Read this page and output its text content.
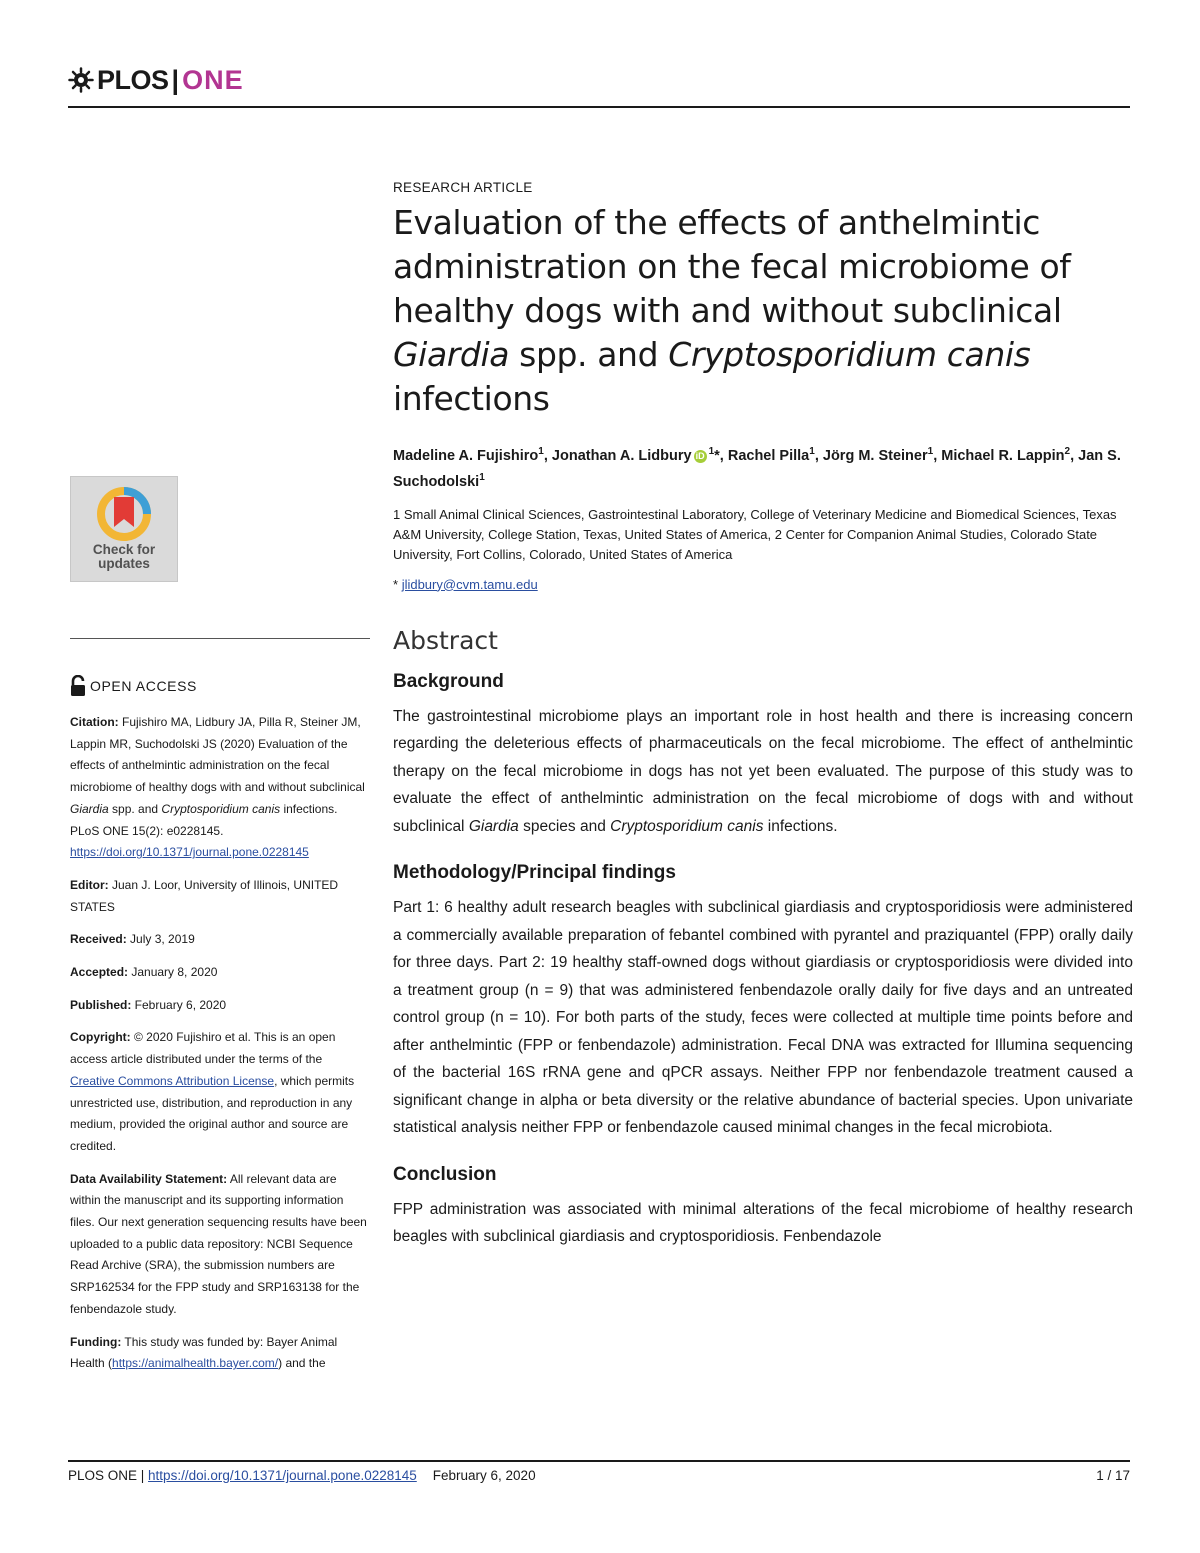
PLOS | ONE
RESEARCH ARTICLE
Evaluation of the effects of anthelmintic
administration on the fecal microbiome of
healthy dogs with and without subclinical
Giardia spp. and Cryptosporidium canis
infections
Madeline A. Fujishiro$^1$, Jonathan A. Lidbury iD $^1$*, Rachel Pilla$^1$, Jörg M. Steiner$^1$, Michael R. Lappin$^2$, Jan S. Suchodolski$^1$
1 Small Animal Clinical Sciences, Gastrointestinal Laboratory, College of Veterinary Medicine and Biomedical Sciences, Texas A&M University, College Station, Texas, United States of America, 2 Center for Companion Animal Studies, Colorado State University, Fort Collins, Colorado, United States of America
* jlidbury@cvm.tamu.edu
Abstract
Background

The gastrointestinal microbiome plays an important role in host health and there is increasing concern regarding the deleterious effects of pharmaceuticals on the fecal microbiome. The effect of anthelmintic therapy on the fecal microbiome in dogs has not yet been evaluated. The purpose of this study was to evaluate the effect of anthelmintic administration on the fecal microbiome of dogs with and without subclinical Giardia species and Cryptosporidium canis infections.

Methodology/Principal findings

Part 1: 6 healthy adult research beagles with subclinical giardiasis and cryptosporidiosis were administered a commercially available preparation of febantel combined with pyrantel and praziquantel (FPP) orally daily for three days. Part 2: 19 healthy staff-owned dogs without giardiasis or cryptosporidiosis were divided into a treatment group (n = 9) that was administered fenbendazole orally daily for five days and an untreated control group (n = 10). For both parts of the study, feces were collected at multiple time points before and after anthelmintic (FPP or fenbendazole) administration. Fecal DNA was extracted for Illumina sequencing of the bacterial 16S rRNA gene and qPCR assays. Neither FPP nor fenbendazole treatment caused a significant change in alpha or beta diversity or the relative abundance of bacterial species. Upon univariate statistical analysis neither FPP or fenbendazole caused minimal changes in the fecal microbiota.

Conclusion

FPP administration was associated with minimal alterations of the fecal microbiome of healthy research beagles with subclinical giardiasis and cryptosporidiosis. Fenbendazole

Check for
updates
OPEN ACCESS
Citation: Fujishiro MA, Lidbury JA, Pilla R, Steiner JM, Lappin MR, Suchodolski JS (2020) Evaluation of the effects of anthelmintic administration on the fecal microbiome of healthy dogs with and without subclinical Giardia spp. and Cryptosporidium canis infections. PLoS ONE 15(2): e0228145. https://doi.org/10.1371/journal.pone.0228145
Editor: Juan J. Loor, University of Illinois, UNITED STATES
Received: July 3, 2019
Accepted: January 8, 2020
Published: February 6, 2020
Copyright: © 2020 Fujishiro et al. This is an open access article distributed under the terms of the Creative Commons Attribution License, which permits unrestricted use, distribution, and reproduction in any medium, provided the original author and source are credited.
Data Availability Statement: All relevant data are within the manuscript and its supporting information files. Our next generation sequencing results have been uploaded to a public data repository: NCBI Sequence Read Archive (SRA), the submission numbers are SRP162534 for the FPP study and SRP163138 for the fenbendazole study.
Funding: This study was funded by: Bayer Animal Health (https://animalhealth.bayer.com/) and the
PLOS ONE | https://doi.org/10.1371/journal.pone.0228145 February 6, 2020	1 / 17
